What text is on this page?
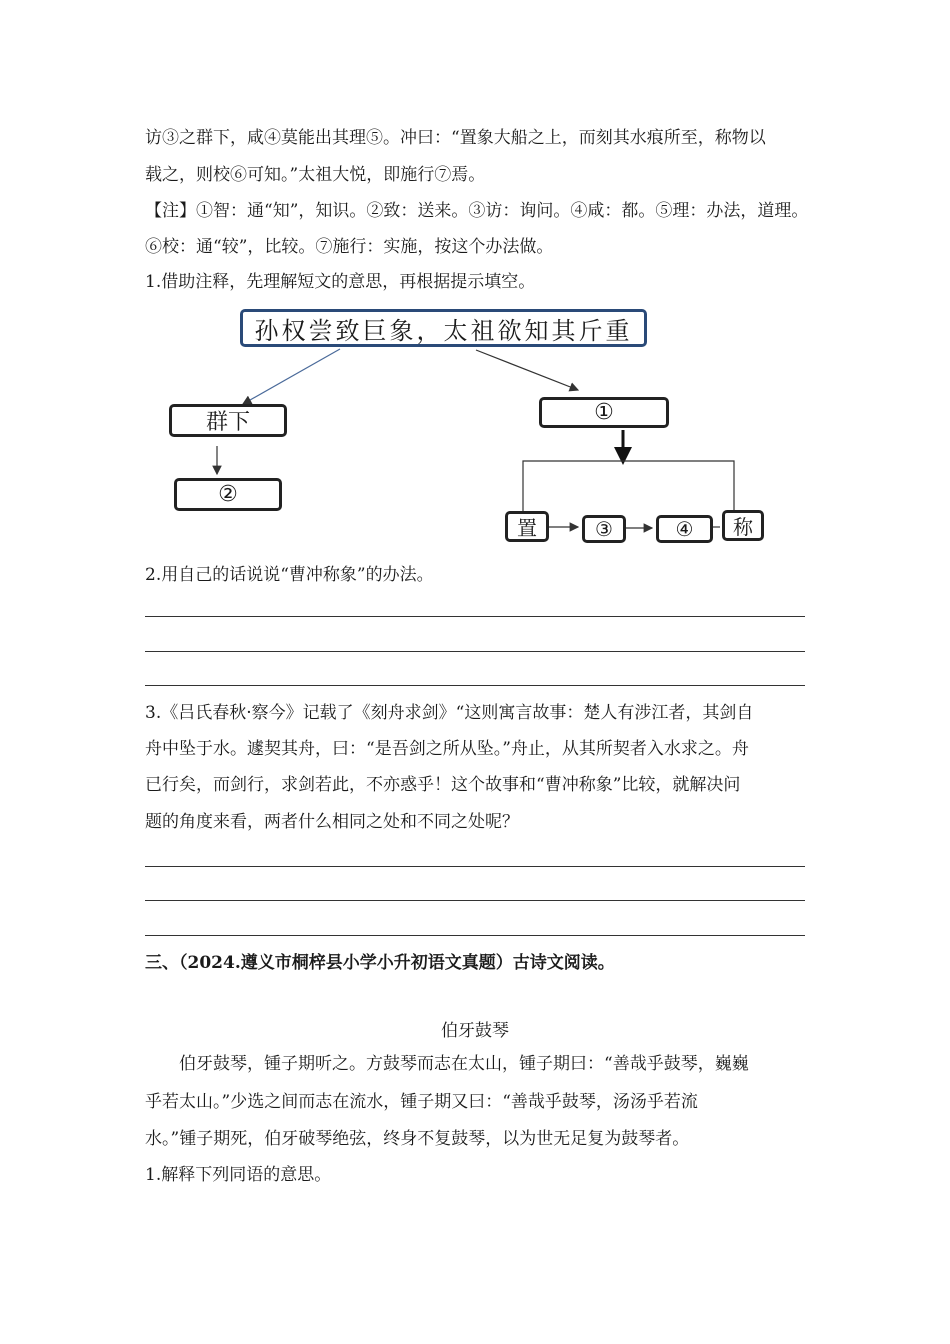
访③之群下，咸④莫能出其理⑤。冲曰：“置象大船之上，而刻其水痕所至，称物以
载之，则校⑥可知。”太祖大悦，即施行⑦焉。
【注】①智：通“知”，知识。②致：送来。③访：询问。④咸：都。⑤理：办法，道理。
⑥校：通“较”，比较。⑦施行：实施，按这个办法做。
1.借助注释，先理解短文的意思，再根据提示填空。
孙权尝致巨象，太祖欲知其斤重
群下
②
①
置	③	④	称
2.用自己的话说说“曹冲称象”的办法。
3.《吕氏春秋·察今》记载了《刻舟求剑》“这则寓言故事：楚人有涉江者，其剑自
舟中坠于水。遽契其舟，曰：“是吾剑之所从坠。”舟止，从其所契者入水求之。舟
已行矣，而剑行，求剑若此，不亦惑乎！这个故事和“曹冲称象”比较，就解决问
题的角度来看，两者什么相同之处和不同之处呢？
三、（2024.遵义市桐梓县小学小升初语文真题）古诗文阅读。
伯牙鼓琴
伯牙鼓琴，锺子期听之。方鼓琴而志在太山，锺子期曰：“善哉乎鼓琴，巍巍
乎若太山。”少选之间而志在流水，锺子期又曰：“善哉乎鼓琴，汤汤乎若流
水。”锺子期死，伯牙破琴绝弦，终身不复鼓琴，以为世无足复为鼓琴者。
1.解释下列同语的意思。
